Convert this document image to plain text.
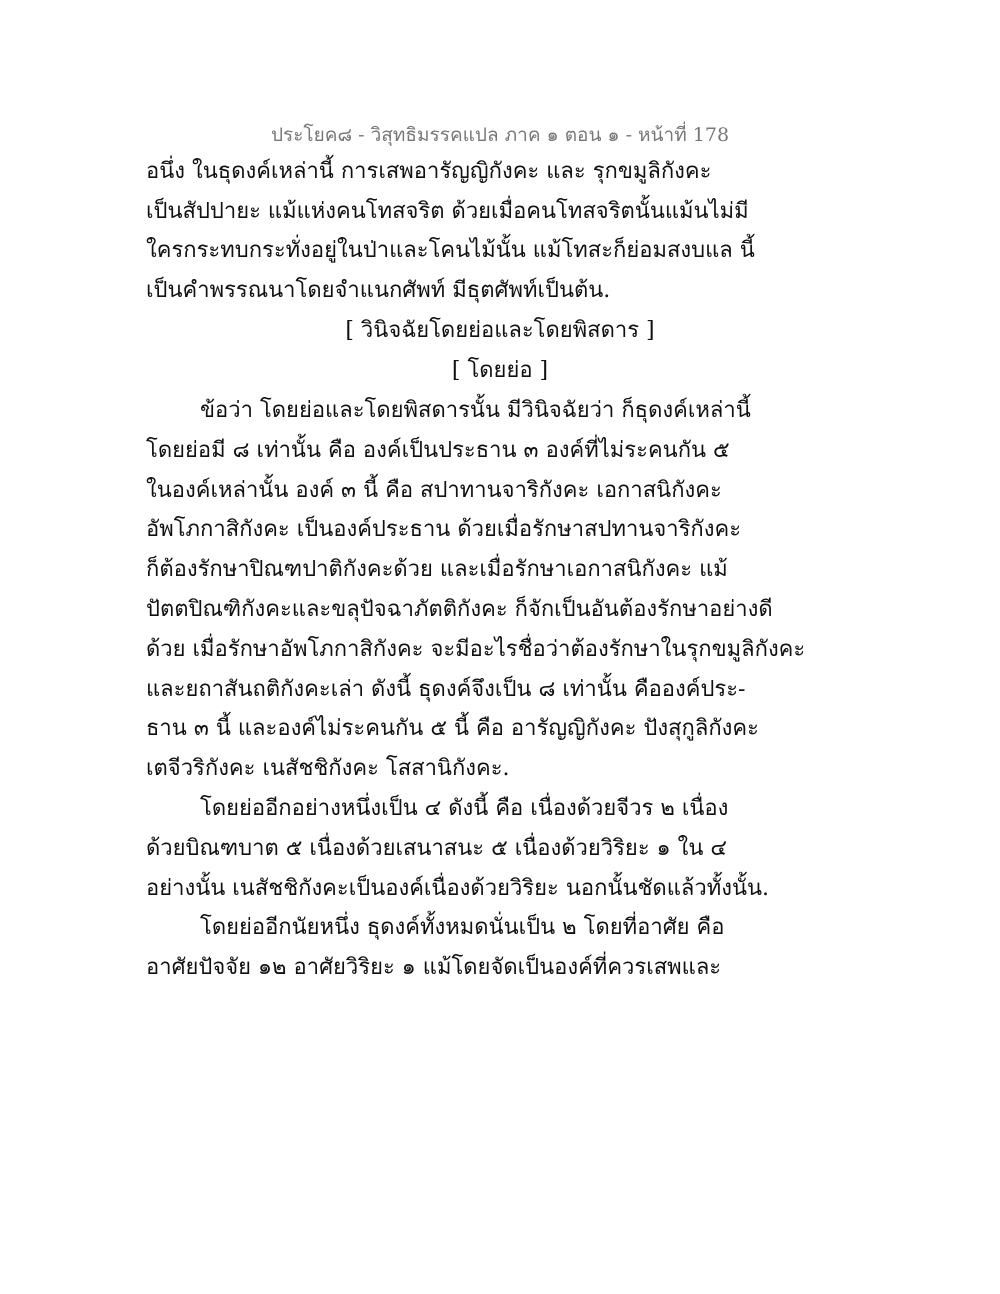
ประโยค๘ - วิสุทธิมรรคแปล ภาค ๑ ตอน ๑ - หน้าที่ 178
อนึ่ง ในธุดงค์เหล่านี้ การเสพอารัญญิกังคะ และ รุกขมูลิกังคะ
เป็นสัปปายะ แม้แห่งคนโทสจริต ด้วยเมื่อคนโทสจริตนั้นแม้นไม่มี
ใครกระทบกระทั่งอยู่ในป่าและโคนไม้นั้น แม้โทสะก็ย่อมสงบแล นี้
เป็นคำพรรณนาโดยจำแนกศัพท์ มีธุตศัพท์เป็นต้น.
[ วินิจฉัยโดยย่อและโดยพิสดาร ]
[ โดยย่อ ]
ข้อว่า โดยย่อและโดยพิสดารนั้น มีวินิจฉัยว่า ก็ธุดงค์เหล่านี้
โดยย่อมี ๘ เท่านั้น คือ องค์เป็นประธาน ๓ องค์ที่ไม่ระคนกัน ๕
ในองค์เหล่านั้น องค์ ๓ นี้ คือ สปาทานจาริกังคะ เอกาสนิกังคะ
อัพโภกาสิกังคะ เป็นองค์ประธาน ด้วยเมื่อรักษาสปทานจาริกังคะ
ก็ต้องรักษาปิณฑปาติกังคะด้วย และเมื่อรักษาเอกาสนิกังคะ แม้
ปัตตปิณฑิกังคะและขลุปัจฉาภัตติกังคะ ก็จักเป็นอันต้องรักษาอย่างดี
ด้วย เมื่อรักษาอัพโภกาสิกังคะ จะมีอะไรชื่อว่าต้องรักษาในรุกขมูลิกังคะ
และยถาสันถติกังคะเล่า ดังนี้ ธุดงค์จึงเป็น ๘ เท่านั้น คือองค์ประ-
ธาน ๓ นี้ และองค์ไม่ระคนกัน ๕ นี้ คือ อารัญญิกังคะ ปังสุกูลิกังคะ
เตจีวริกังคะ เนสัชชิกังคะ โสสานิกังคะ.
โดยย่ออีกอย่างหนึ่งเป็น ๔ ดังนี้ คือ เนื่องด้วยจีวร ๒ เนื่อง
ด้วยบิณฑบาต ๕ เนื่องด้วยเสนาสนะ ๕ เนื่องด้วยวิริยะ ๑ ใน ๔
อย่างนั้น เนสัชชิกังคะเป็นองค์เนื่องด้วยวิริยะ นอกนั้นชัดแล้วทั้งนั้น.
โดยย่ออีกนัยหนึ่ง ธุดงค์ทั้งหมดนั่นเป็น ๒ โดยที่อาศัย คือ
อาศัยปัจจัย ๑๒ อาศัยวิริยะ ๑ แม้โดยจัดเป็นองค์ที่ควรเสพและ
